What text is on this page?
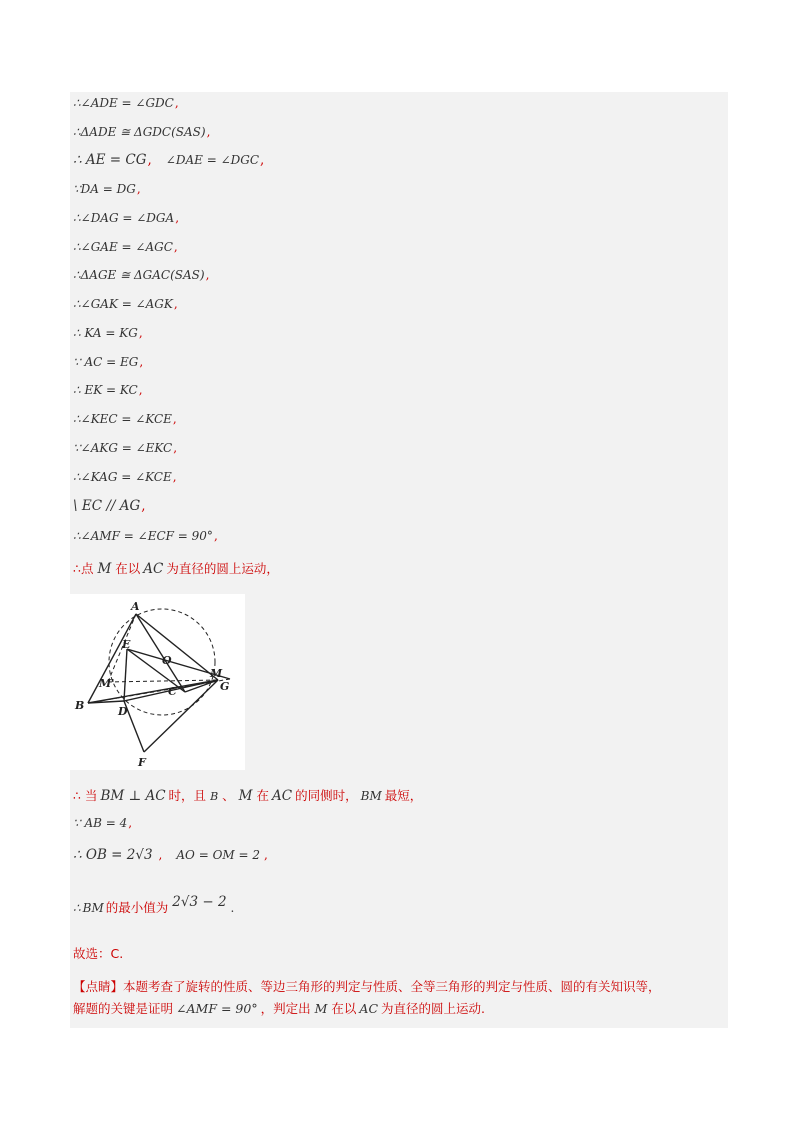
∴∠ADE = ∠GDC,
∴ΔADE ≅ ΔGDC(SAS),
∴ AE = CG, ∠DAE = ∠DGC,
∵DA = DG,
∴∠DAG = ∠DGA,
∴∠GAE = ∠AGC,
∴ΔAGE ≅ ΔGAC(SAS),
∴∠GAK = ∠AGK,
∴ KA = KG,
∵ AC = EG,
∴ EK = KC,
∴∠KEC = ∠KCE,
∵∠AKG = ∠EKC,
∴∠KAG = ∠KCE,
\ EC // AG,
∴∠AMF = ∠ECF = 90°,
∴点 M 在以 AC 为直径的圆上运动，
A
E
O
M
M'	G
C
B	D
F
∴ 当 BM ⊥ AC 时，且 B 、 M 在 AC 的同侧时， BM 最短，
∵ AB = 4,
∴ OB = 2√3 , AO = OM = 2 ,
∴ BM 的最小值为 2√3 − 2 .
故选：C.
【点睛】本题考查了旋转的性质、等边三角形的判定与性质、全等三角形的判定与性质、圆的有关知识等，
解题的关键是证明 ∠AMF = 90° ，判定出 M 在以 AC 为直径的圆上运动.
